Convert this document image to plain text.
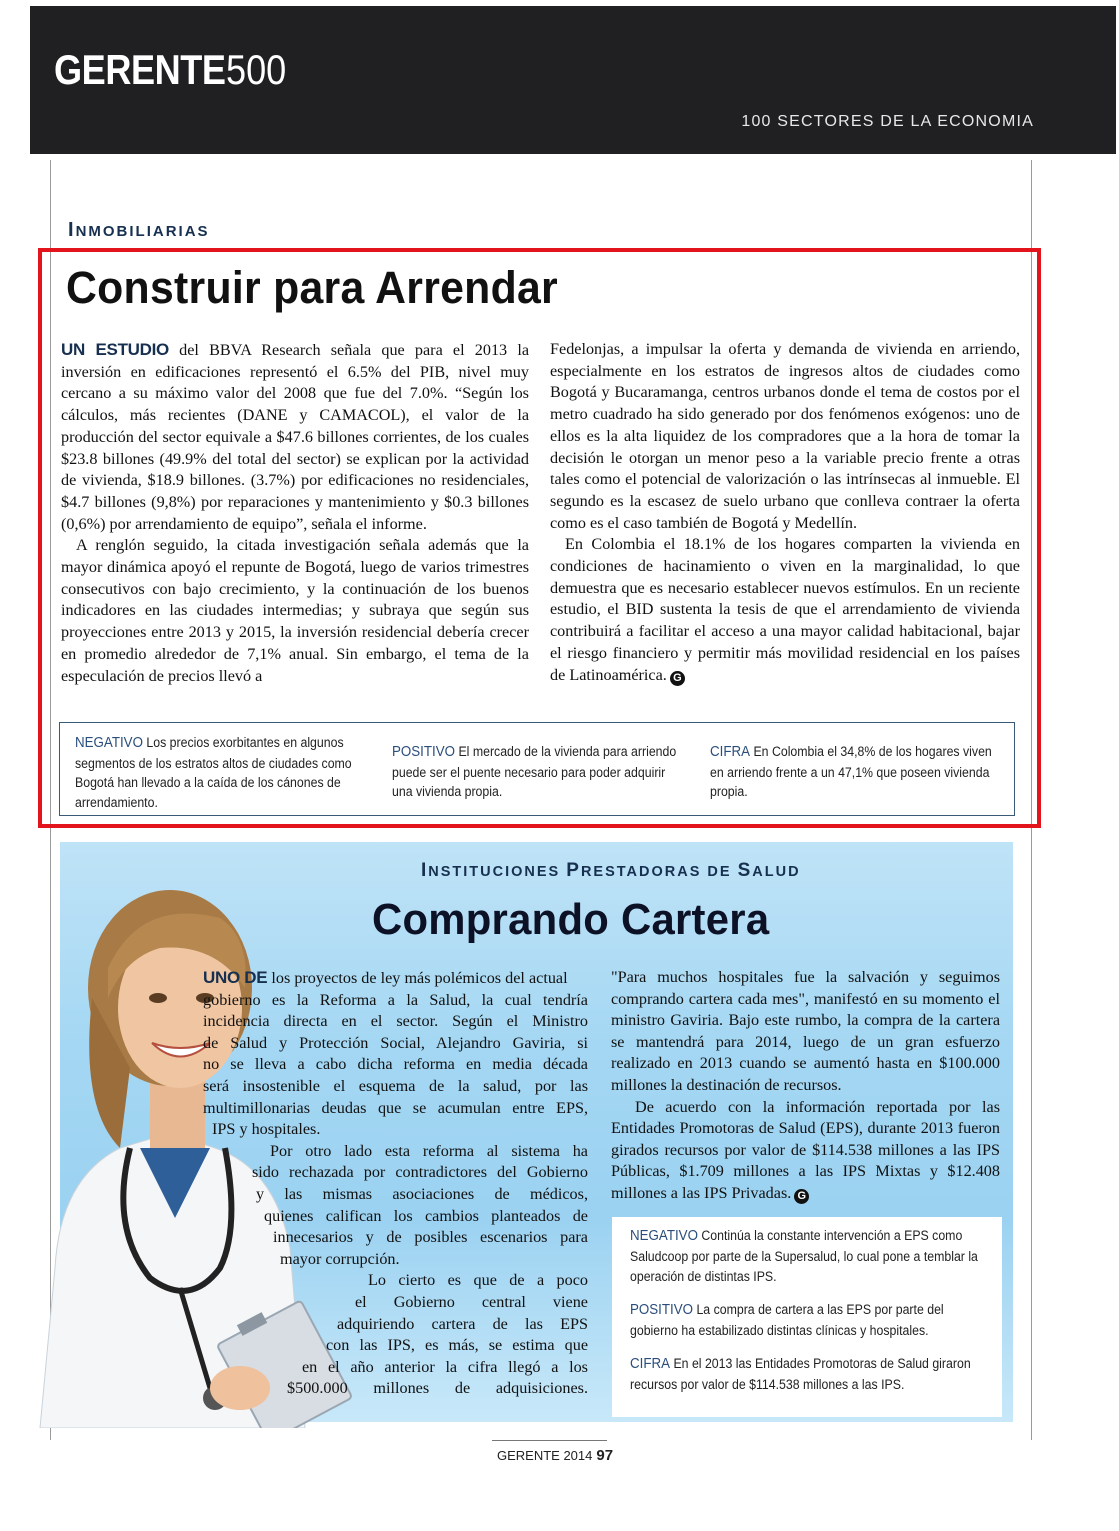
GERENTE 500
100 SECTORES DE LA ECONOMIA
INMOBILIARIAS
Construir para Arrendar

UN ESTUDIO del BBVA Research señala que para el 2013 la inversión en edificaciones representó el 6.5% del PIB, nivel muy cercano a su máximo valor del 2008 que fue del 7.0%. “Según los cálculos, más recientes (DANE y CAMACOL), el valor de la producción del sector equivale a $47.6 billones corrientes, de los cuales $23.8 billones (49.9% del total del sector) se explican por la actividad de vivienda, $18.9 billones. (3.7%) por edificaciones no residenciales, $4.7 billones (9,8%) por reparaciones y mantenimiento y $0.3 billones (0,6%) por arrendamiento de equipo”, señala el informe.

A renglón seguido, la citada investigación señala además que la mayor dinámica apoyó el repunte de Bogotá, luego de varios trimestres consecutivos con bajo crecimiento, y la continuación de los buenos indicadores en las ciudades intermedias; y subraya que según sus proyecciones entre 2013 y 2015, la inversión residencial debería crecer en promedio alrededor de 7,1% anual. Sin embargo, el tema de la especulación de precios llevó a

Fedelonjas, a impulsar la oferta y demanda de vivienda en arriendo, especialmente en los estratos de ingresos altos de ciudades como Bogotá y Bucaramanga, centros urbanos donde el tema de costos por el metro cuadrado ha sido generado por dos fenómenos exógenos: uno de ellos es la alta liquidez de los compradores que a la hora de tomar la decisión le otorgan un menor peso a la variable precio frente a otras tales como el potencial de valorización o las intrínsecas al inmueble. El segundo es la escasez de suelo urbano que conlleva contraer la oferta como es el caso también de Bogotá y Medellín.

En Colombia el 18.1% de los hogares comparten la vivienda en condiciones de hacinamiento o viven en la marginalidad, lo que demuestra que es necesario establecer nuevos estímulos. En un reciente estudio, el BID sustenta la tesis de que el arrendamiento de vivienda contribuirá a facilitar el acceso a una mayor calidad habitacional, bajar el riesgo financiero y permitir más movilidad residencial en los países de Latinoamérica. G

NEGATIVO Los precios exorbitantes en algunos segmentos de los estratos altos de ciudades como Bogotá han llevado a la caída de los cánones de arrendamiento.
POSITIVO El mercado de la vivienda para arriendo puede ser el puente necesario para poder adquirir una vivienda propia.
CIFRA En Colombia el 34,8% de los hogares viven en arriendo frente a un 47,1% que poseen vivienda propia.
INSTITUCIONES PRESTADORAS DE SALUD
Comprando Cartera
UNO DE los proyectos de ley más polémicos del actual
gobierno es la Reforma a la Salud, la cual tendría
incidencia directa en el sector. Según el Ministro
de Salud y Protección Social, Alejandro Gaviria, si
no se lleva a cabo dicha reforma en media década
será insostenible el esquema de la salud, por las
multimillonarias deudas que se acumulan entre EPS,
IPS y hospitales.
Por otro lado esta reforma al sistema ha
sido rechazada por contradictores del Gobierno
y las mismas asociaciones de médicos,
quienes califican los cambios planteados de
innecesarios y de posibles escenarios para
mayor corrupción.
Lo cierto es que de a poco
el Gobierno central viene
adquiriendo cartera de las EPS
con las IPS, es más, se estima que
en el año anterior la cifra llegó a los
$500.000 millones de adquisiciones.

"Para muchos hospitales fue la salvación y seguimos comprando cartera cada mes", manifestó en su momento el ministro Gaviria. Bajo este rumbo, la compra de la cartera se mantendrá para 2014, luego de un gran esfuerzo realizado en 2013 cuando se aumentó hasta en $100.000 millones la destinación de recursos.

De acuerdo con la información reportada por las Entidades Promotoras de Salud (EPS), durante 2013 fueron girados recursos por valor de $114.538 millones a las IPS Públicas, $1.709 millones a las IPS Mixtas y $12.408 millones a las IPS Privadas. G

NEGATIVO Continúa la constante intervención a EPS como Saludcoop por parte de la Supersalud, lo cual pone a temblar la operación de distintas IPS.
POSITIVO La compra de cartera a las EPS por parte del gobierno ha estabilizado distintas clínicas y hospitales.
CIFRA En el 2013 las Entidades Promotoras de Salud giraron recursos por valor de $114.538 millones a las IPS.
GERENTE 2014 97
